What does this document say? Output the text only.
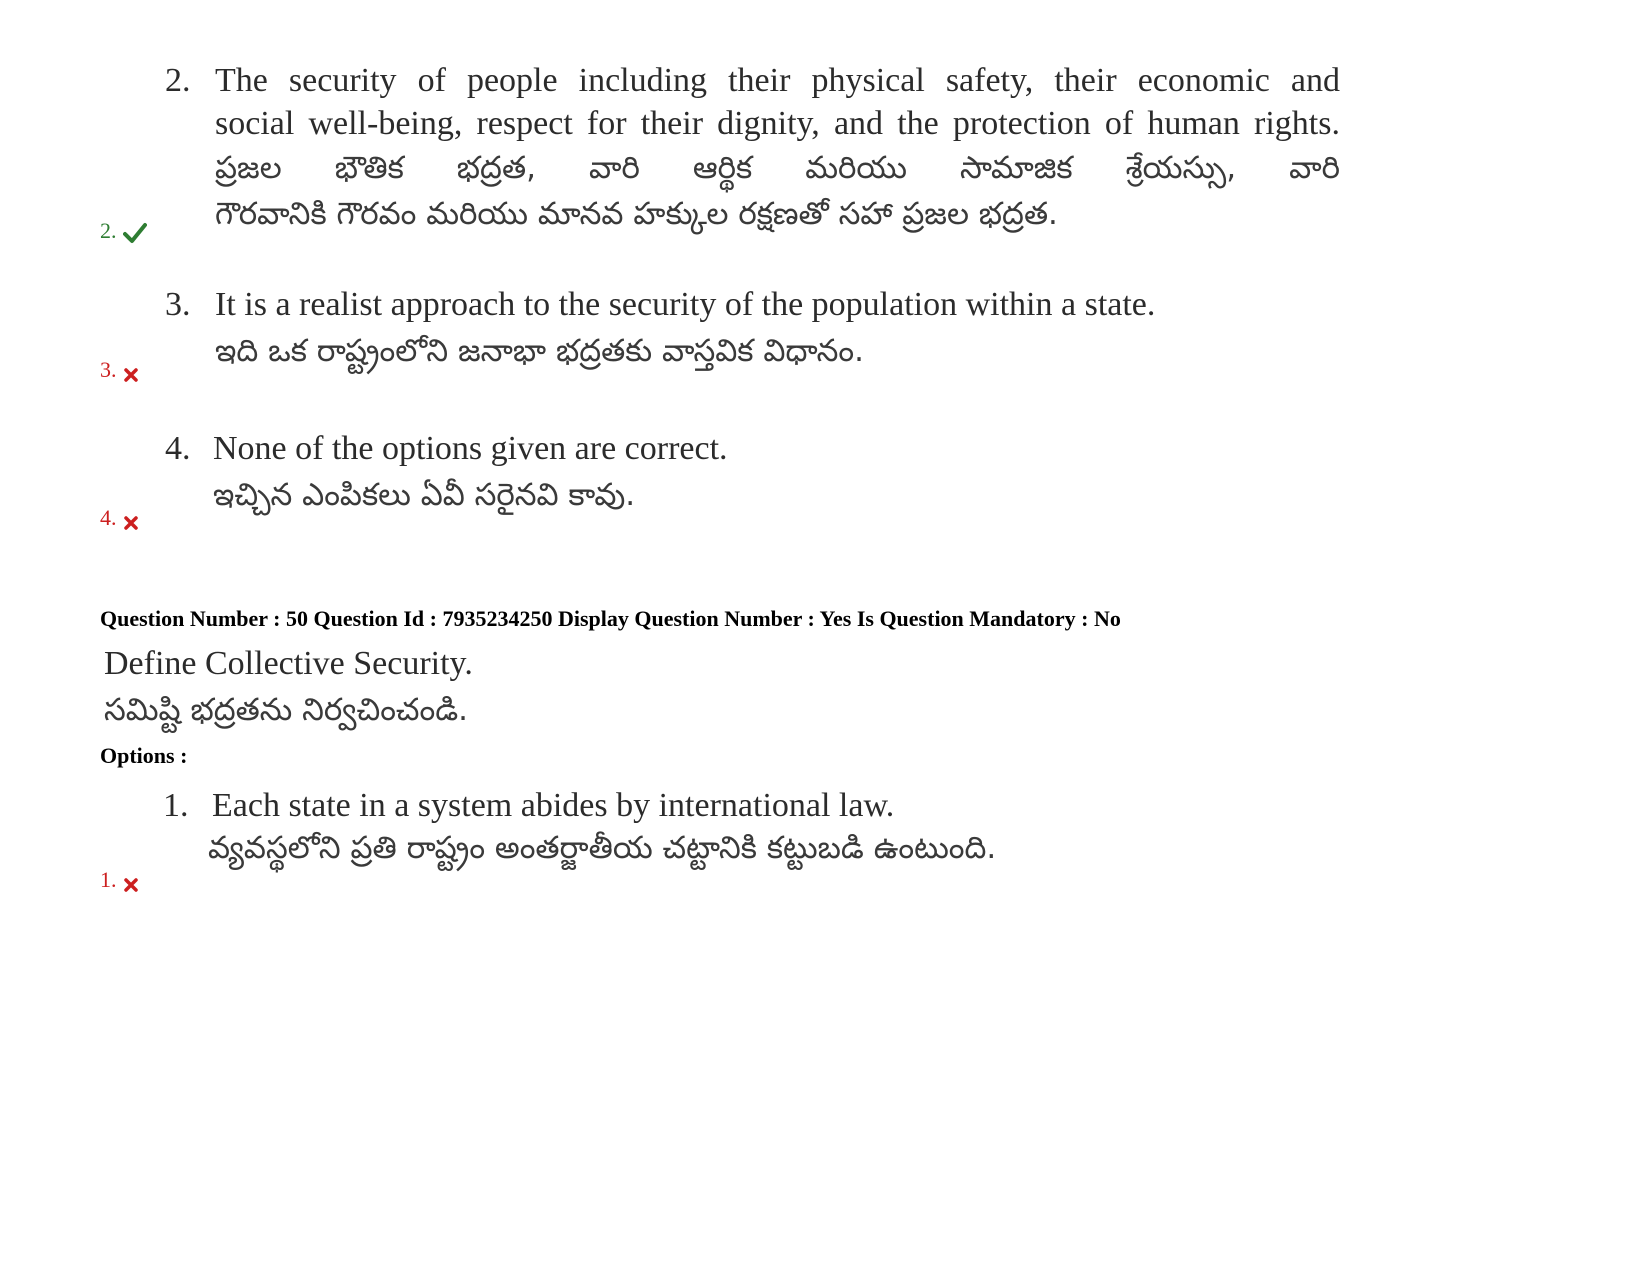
2. The security of people including their physical safety, their economic and
social well-being, respect for their dignity, and the protection of human rights.
ప్రజల భౌతిక భద్రత, వారి ఆర్థిక మరియు సామాజిక శ్రేయస్సు, వారి
గౌరవానికి గౌరవం మరియు మానవ హక్కుల రక్షణతో సహా ప్రజల భద్రత.
2.
3. It is a realist approach to the security of the population within a state.
ఇది ఒక రాష్ట్రంలోని జనాభా భద్రతకు వాస్తవిక విధానం.
3.
4. None of the options given are correct.
ఇచ్చిన ఎంపికలు ఏవీ సరైనవి కావు.
4.
Question Number : 50 Question Id : 7935234250 Display Question Number : Yes Is Question Mandatory : No
Define Collective Security.
సమిష్టి భద్రతను నిర్వచించండి.
Options :
1. Each state in a system abides by international law.
వ్యవస్థలోని ప్రతి రాష్ట్రం అంతర్జాతీయ చట్టానికి కట్టుబడి ఉంటుంది.
1.
